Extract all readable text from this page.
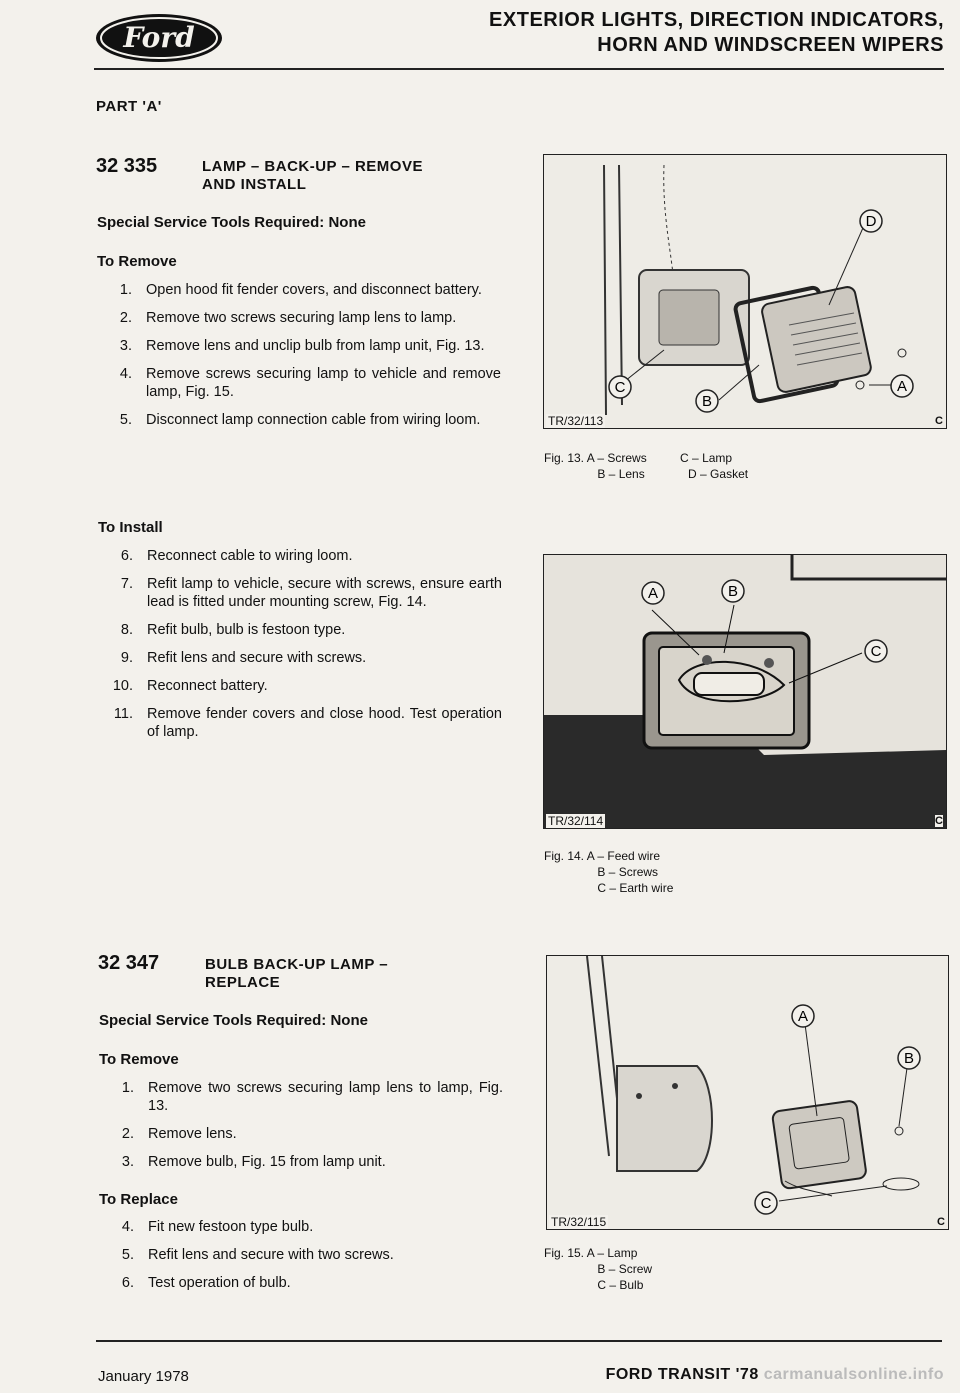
Ford
EXTERIOR LIGHTS, DIRECTION INDICATORS,
HORN AND WINDSCREEN WIPERS
PART 'A'
32 335	LAMP – BACK-UP – REMOVE
AND INSTALL
Special Service Tools Required: None
To Remove
1. Open hood fit fender covers, and disconnect battery.
2. Remove two screws securing lamp lens to lamp.
3. Remove lens and unclip bulb from lamp unit, Fig. 13.
4. Remove screws securing lamp to vehicle and remove lamp, Fig. 15.
5. Disconnect lamp connection cable from wiring loom.
To Install
6. Reconnect cable to wiring loom.
7. Refit lamp to vehicle, secure with screws, ensure earth lead is fitted under mounting screw, Fig. 14.
8. Refit bulb, bulb is festoon type.
9. Refit lens and secure with screws.
10. Reconnect battery.
11. Remove fender covers and close hood. Test operation of lamp.
32 347	BULB BACK-UP LAMP –
REPLACE
Special Service Tools Required: None
To Remove
1. Remove two screws securing lamp lens to lamp, Fig. 13.
2. Remove lens.
3. Remove bulb, Fig. 15 from lamp unit.
To Replace
4. Fit new festoon type bulb.
5. Refit lens and secure with two screws.
6. Test operation of bulb.
D
C
B
A
TR/32/113	C
Fig. 13. A – Screws          C – Lamp
B – Lens             D – Gasket
A	B
C
TR/32/114	C
Fig. 14. A – Feed wire
B – Screws
C – Earth wire
A
B
C
TR/32/115	C
Fig. 15. A – Lamp
B – Screw
C – Bulb
January 1978	FORD TRANSIT '78 carmanualsonline.info
